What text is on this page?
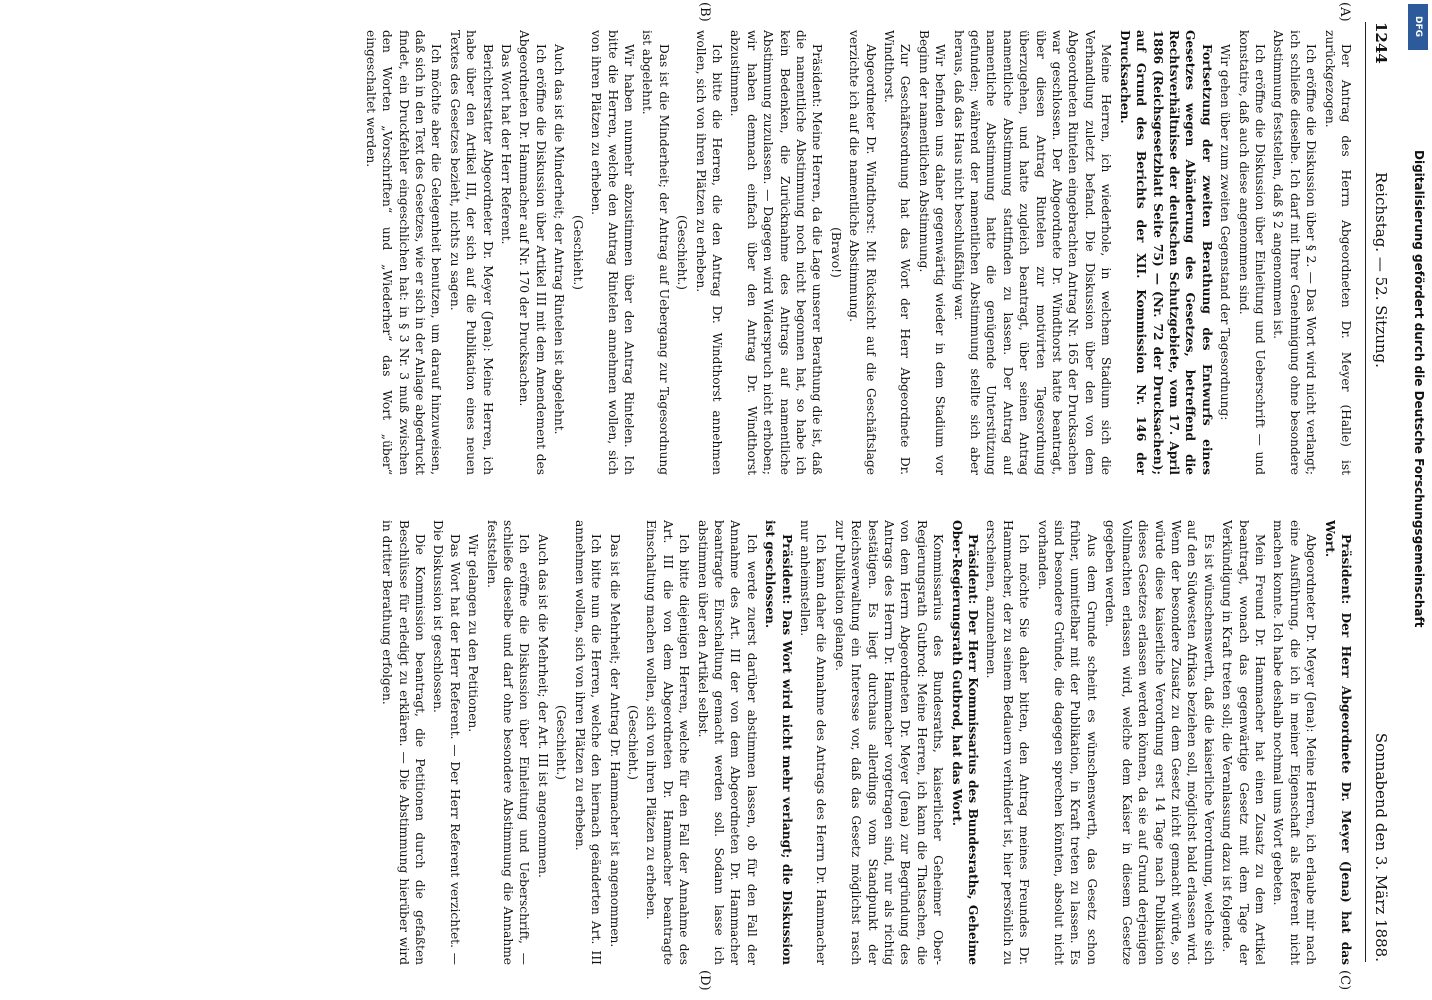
1244
Reichstag. — 52. Sitzung.
Sonnabend den 3. März 1888.
(A)
(B)
(C)
(D)

Der Antrag des Herrn Abgeordneten Dr. Meyer (Halle) ist zurückgezogen.

Ich eröffne die Diskussion über § 2. — Das Wort wird nicht verlangt; ich schließe dieselbe. Ich darf mit Ihrer Genehmigung ohne besondere Abstimmung feststellen, daß § 2 angenommen ist.

Ich eröffne die Diskussion über Einleitung und Ueberschrift — und konstatire, daß auch diese angenommen sind.

Wir gehen über zum zweiten Gegenstand der Tagesordnung:

Fortsetzung der zweiten Berathung des Entwurfs eines Gesetzes wegen Abänderung des Gesetzes, betreffend die Rechtsverhältnisse der deutschen Schutzgebiete, vom 17. April 1886 (Reichsgesetzblatt Seite 75) — (Nr. 72 der Drucksachen); auf Grund des Berichts der XII. Kommission Nr. 146 der Drucksachen.

Meine Herren, ich wiederhole, in welchem Stadium sich die Verhandlung zuletzt befand. Die Diskussion über den von dem Abgeordneten Rintelen eingebrachten Antrag Nr. 165 der Drucksachen war geschlossen. Der Abgeordnete Dr. Windthorst hatte beantragt, über diesen Antrag Rintelen zur motivirten Tagesordnung überzugehen, und hatte zugleich beantragt, über seinen Antrag namentliche Abstimmung stattfinden zu lassen. Der Antrag auf namentliche Abstimmung hatte die genügende Unterstützung gefunden; während der namentlichen Abstimmung stellte sich aber heraus, daß das Haus nicht beschlußfähig war.

Wir befinden uns daher gegenwärtig wieder in dem Stadium vor Beginn der namentlichen Abstimmung.

Zur Geschäftsordnung hat das Wort der Herr Abgeordnete Dr. Windthorst.

Abgeordneter Dr. Windthorst: Mit Rücksicht auf die Geschäftslage verzichte ich auf die namentliche Abstimmung.

(Bravo!)

Präsident: Meine Herren, da die Lage unserer Berathung die ist, daß die namentliche Abstimmung noch nicht begonnen hat, so habe ich kein Bedenken, die Zurücknahme des Antrags auf namentliche Abstimmung zuzulassen. — Dagegen wird Widerspruch nicht erhoben; wir haben demnach einfach über den Antrag Dr. Windthorst abzustimmen.

Ich bitte die Herren, die den Antrag Dr. Windthorst annehmen wollen, sich von ihren Plätzen zu erheben.

(Geschieht.)

Das ist die Minderheit; der Antrag auf Uebergang zur Tagesordnung ist abgelehnt.

Wir haben nunmehr abzustimmen über den Antrag Rintelen. Ich bitte die Herren, welche den Antrag Rintelen annehmen wollen, sich von ihren Plätzen zu erheben.

(Geschieht.)

Auch das ist die Minderheit; der Antrag Rintelen ist abgelehnt.

Ich eröffne die Diskussion über Artikel III mit dem Amendement des Abgeordneten Dr. Hammacher auf Nr. 170 der Drucksachen.

Das Wort hat der Herr Referent.

Berichterstatter Abgeordneter Dr. Meyer (Jena): Meine Herren, ich habe über den Artikel III, der sich auf die Publikation eines neuen Textes des Gesetzes bezieht, nichts zu sagen.

Ich möchte aber die Gelegenheit benutzen, um darauf hinzuweisen, daß sich in den Text des Gesetzes, wie er sich in der Anlage abgedruckt findet, ein Druckfehler eingeschlichen hat: in § 3 Nr. 3 muß zwischen den Worten „Vorschriften“ und „Wiederher“ das Wort „über“ eingeschaltet werden.

Präsident: Der Herr Abgeordnete Dr. Meyer (Jena) hat das Wort.

Abgeordneter Dr. Meyer (Jena): Meine Herren, ich erlaube mir nach eine Ausführung, die ich in meiner Eigenschaft als Referent nicht machen konnte. Ich habe deshalb nochmal ums Wort gebeten.

Mein Freund Dr. Hammacher hat einen Zusatz zu dem Artikel beantragt, wonach das gegenwärtige Gesetz mit dem Tage der Verkündigung in Kraft treten soll; die Veranlassung dazu ist folgende.

Es ist wünschenswerth, daß die kaiserliche Verordnung, welche sich auf den Südwesten Afrikas beziehen soll, möglichst bald erlassen wird. Wenn der besondere Zusatz zu dem Gesetz nicht gemacht würde, so würde diese kaiserliche Verordnung erst 14 Tage nach Publikation dieses Gesetzes erlassen werden können, da sie auf Grund derjenigen Vollmachten erlassen wird, welche dem Kaiser in diesem Gesetze gegeben werden.

Aus dem Grunde scheint es wünschenswerth, das Gesetz schon früher, unmittelbar mit der Publikation, in Kraft treten zu lassen. Es sind besondere Gründe, die dagegen sprechen könnten, absolut nicht vorhanden.

Ich möchte Sie daher bitten, den Antrag meines Freundes Dr. Hammacher, der zu seinem Bedauern verhindert ist, hier persönlich zu erscheinen, anzunehmen.

Präsident: Der Herr Kommissarius des Bundesraths, Geheime Ober-Regierungsrath Gutbrod, hat das Wort.

Kommissarius des Bundesraths, kaiserlicher Geheimer Ober-Regierungsrath Gutbrod: Meine Herren, ich kann die Thatsachen, die von dem Herrn Abgeordneten Dr. Meyer (Jena) zur Begründung des Antrags des Herrn Dr. Hammacher vorgetragen sind, nur als richtig bestätigen. Es liegt durchaus allerdings vom Standpunkt der Reichsverwaltung ein Interesse vor, daß das Gesetz möglichst rasch zur Publikation gelange.

Ich kann daher die Annahme des Antrags des Herrn Dr. Hammacher nur anheimstellen.

Präsident: Das Wort wird nicht mehr verlangt; die Diskussion ist geschlossen.

Ich werde zuerst darüber abstimmen lassen, ob für den Fall der Annahme des Art. III der von dem Abgeordneten Dr. Hammacher beantragte Einschaltung gemacht werden soll. Sodann lasse ich abstimmen über den Artikel selbst.

Ich bitte diejenigen Herren, welche für den Fall der Annahme des Art. III die von dem Abgeordneten Dr. Hammacher beantragte Einschaltung machen wollen, sich von ihren Plätzen zu erheben.

(Geschieht.)

Das ist die Mehrheit; der Antrag Dr. Hammacher ist angenommen.

Ich bitte nun die Herren, welche den hiernach geänderten Art. III annehmen wollen, sich von ihren Plätzen zu erheben.

(Geschieht.)

Auch das ist die Mehrheit; der Art. III ist angenommen.

Ich eröffne die Diskussion über Einleitung und Ueberschrift, — schließe dieselbe und darf ohne besondere Abstimmung die Annahme feststellen.

Wir gelangen zu den Petitionen.

Das Wort hat der Herr Referent. — Der Herr Referent verzichtet. — Die Diskussion ist geschlossen.

Die Kommission beantragt, die Petitionen durch die gefaßten Beschlüsse für erledigt zu erklären. — Die Abstimmung hierüber wird in dritter Berathung erfolgen.

DFG
Digitalisierung gefördert durch die Deutsche Forschungsgemeinschaft
